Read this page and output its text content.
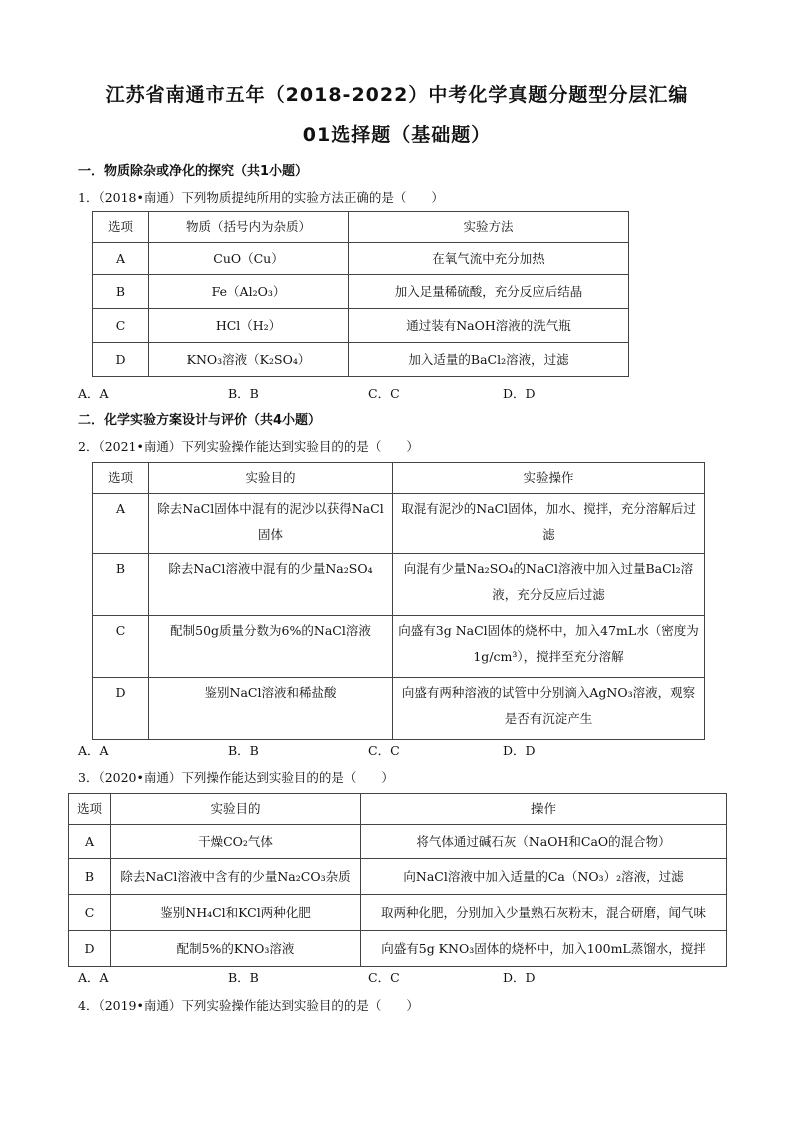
江苏省南通市五年（2018-2022）中考化学真题分题型分层汇编
01选择题（基础题）
一．物质除杂或净化的探究（共1小题）
1．（2018•南通）下列物质提纯所用的实验方法正确的是（　　）
选项	物质（括号内为杂质）	实验方法
A	CuO（Cu）	在氧气流中充分加热
B	Fe（Al₂O₃）	加入足量稀硫酸，充分反应后结晶
C	HCl（H₂）	通过装有NaOH溶液的洗气瓶
D	KNO₃溶液（K₂SO₄）	加入适量的BaCl₂溶液，过滤
A．A	B．B	C．C	D．D
二．化学实验方案设计与评价（共4小题）
2．（2021•南通）下列实验操作能达到实验目的的是（　　）
选项	实验目的	实验操作
A	除去NaCl固体中混有的泥沙以获得NaCl固体	取混有泥沙的NaCl固体，加水、搅拌，充分溶解后过滤
B	除去NaCl溶液中混有的少量Na₂SO₄	向混有少量Na₂SO₄的NaCl溶液中加入过量BaCl₂溶液，充分反应后过滤
C	配制50g质量分数为6%的NaCl溶液	向盛有3g NaCl固体的烧杯中，加入47mL水（密度为1g/cm³），搅拌至充分溶解
D	鉴别NaCl溶液和稀盐酸	向盛有两种溶液的试管中分别滴入AgNO₃溶液，观察是否有沉淀产生
A．A	B．B	C．C	D．D
3．（2020•南通）下列操作能达到实验目的的是（　　）
选项	实验目的	操作
A	干燥CO₂气体	将气体通过碱石灰（NaOH和CaO的混合物）
B	除去NaCl溶液中含有的少量Na₂CO₃杂质	向NaCl溶液中加入适量的Ca（NO₃）₂溶液，过滤
C	鉴别NH₄Cl和KCl两种化肥	取两种化肥，分别加入少量熟石灰粉末，混合研磨，闻气味
D	配制5%的KNO₃溶液	向盛有5g KNO₃固体的烧杯中，加入100mL蒸馏水，搅拌
A．A	B．B	C．C	D．D
4．（2019•南通）下列实验操作能达到实验目的的是（　　）
